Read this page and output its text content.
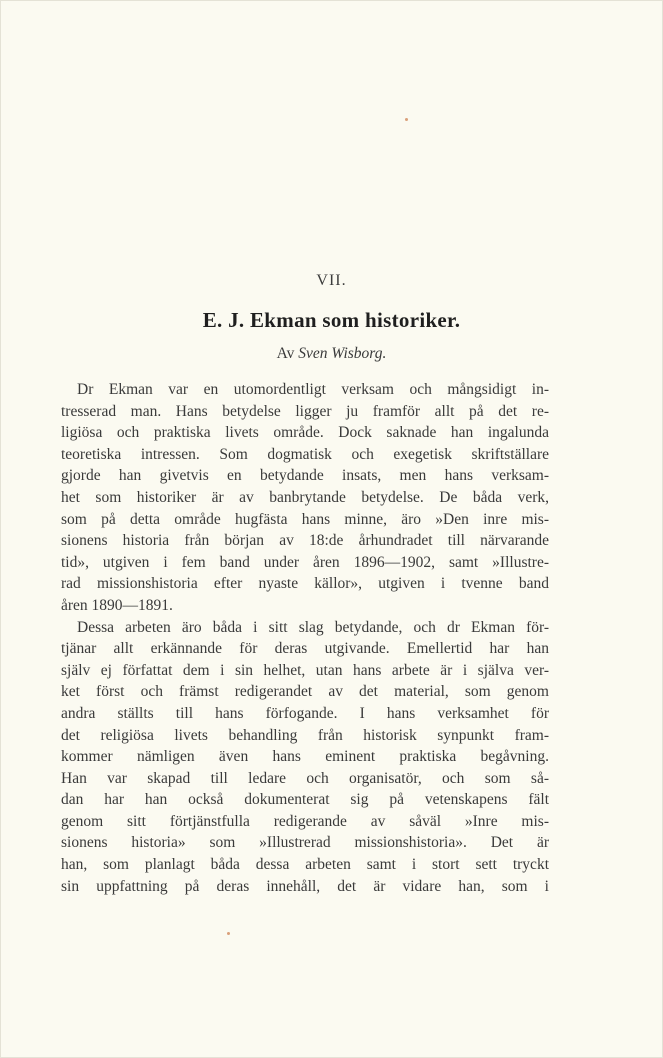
VII.
E. J. Ekman som historiker.
Av Sven Wisborg.
Dr Ekman var en utomordentligt verksam och mångsidigt in-
tresserad man. Hans betydelse ligger ju framför allt på det re-
ligiösa och praktiska livets område. Dock saknade han ingalunda
teoretiska intressen. Som dogmatisk och exegetisk skriftställare
gjorde han givetvis en betydande insats, men hans verksam-
het som historiker är av banbrytande betydelse. De båda verk,
som på detta område hugfästa hans minne, äro »Den inre mis-
sionens historia från början av 18:de århundradet till närvarande
tid», utgiven i fem band under åren 1896—1902, samt »Illustre-
rad missionshistoria efter nyaste källor», utgiven i tvenne band
åren 1890—1891.
Dessa arbeten äro båda i sitt slag betydande, och dr Ekman för-
tjänar allt erkännande för deras utgivande. Emellertid har han
själv ej författat dem i sin helhet, utan hans arbete är i själva ver-
ket först och främst redigerandet av det material, som genom
andra ställts till hans förfogande. I hans verksamhet för
det religiösa livets behandling från historisk synpunkt fram-
kommer nämligen även hans eminent praktiska begåvning.
Han var skapad till ledare och organisatör, och som så-
dan har han också dokumenterat sig på vetenskapens fält
genom sitt förtjänstfulla redigerande av såväl »Inre mis-
sionens historia» som »Illustrerad missionshistoria». Det är
han, som planlagt båda dessa arbeten samt i stort sett tryckt
sin uppfattning på deras innehåll, det är vidare han, som i
